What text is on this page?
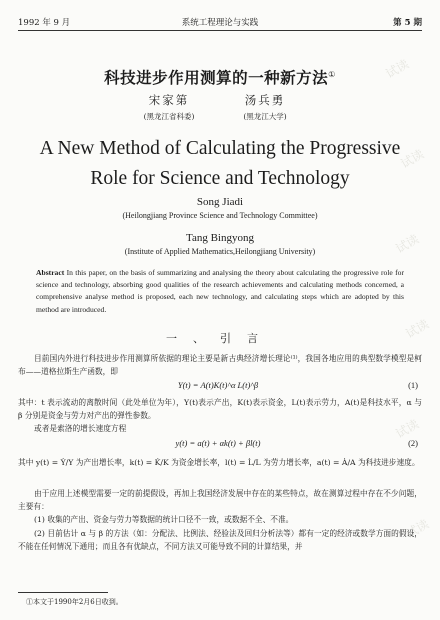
试读
试读
试读
试读
试读
试读
1992 年 9 月	系统工程理论与实践	第 5 期
科技进步作用测算的一种新方法①
宋家第
(黑龙江省科委)
汤兵勇
(黑龙江大学)
A New Method of Calculating the Progressive
Role for Science and Technology
Song Jiadi
(Heilongjiang Province Science and Technology Committee)
Tang Bingyong
(Institute of Applied Mathematics,Heilongjiang University)
Abstract In this paper, on the basis of summarizing and analysing the theory about calculating the progressive role for science and technology, absorbing good qualities of the research achievements and calculating methods concerned, a comprehensive analyse method is proposed, each new technology, and calculating steps which are adopted by this method are introduced.
一、引言
目前国内外进行科技进步作用测算所依据的理论主要是新古典经济增长理论⁽¹⁾，我国各地应用的典型数学模型是柯布——道格拉斯生产函数，即
Y(t) = A(t)K(t)^α L(t)^β	(1)
其中：t 表示流动的离散时间（此处单位为年），Y(t)表示产出，K(t)表示资金，L(t)表示劳力，A(t)是科技水平，α 与 β 分别是资金与劳力对产出的弹性参数。
或者是索洛的增长速度方程
y(t) = a(t) + αk(t) + βl(t)	(2)
其中 y(t) = Ẏ/Y 为产出增长率，k(t) = K̇/K 为资金增长率，l(t) = L̇/L 为劳力增长率，a(t) = Ȧ/A 为科技进步速度。
由于应用上述模型需要一定的前提假设，再加上我国经济发展中存在的某些特点，故在测算过程中存在不少问题，主要有：
(1) 收集的产出、资金与劳力等数据的统计口径不一致，或数据不全、不准。
(2) 目前估计 α 与 β 的方法（如：分配法、比例法、经验法及回归分析法等）都有一定的经济或数学方面的假设，不能在任何情况下通用；而且各有优缺点，不同方法又可能导致不同的计算结果，并
①本文于1990年2月6日收到。
